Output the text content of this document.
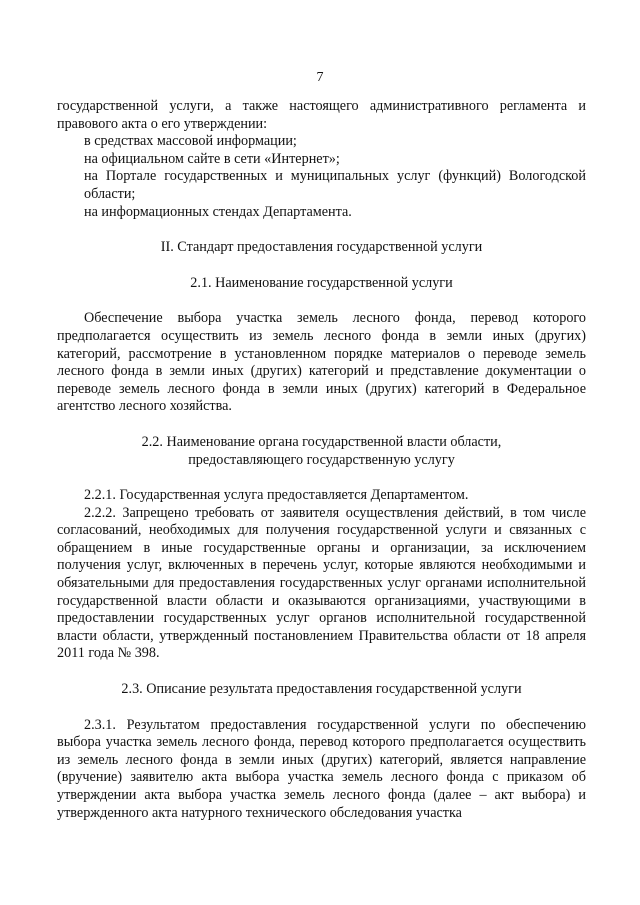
7

государственной услуги, а также настоящего административного регламента и правового акта о его утверждении:

в средствах массовой информации;

на официальном сайте в сети «Интернет»;

на Портале государственных и муниципальных услуг (функций) Вологодской области;

на информационных стендах Департамента.

II. Стандарт предоставления государственной услуги

2.1. Наименование государственной услуги

Обеспечение выбора участка земель лесного фонда, перевод которого предполагается осуществить из земель лесного фонда в земли иных (других) категорий, рассмотрение в установленном порядке материалов о переводе земель лесного фонда в земли иных (других) категорий и представление документации о переводе земель лесного фонда в земли иных (других) категорий в Федеральное агентство лесного хозяйства.

2.2. Наименование органа государственной власти области,

предоставляющего государственную услугу

2.2.1. Государственная услуга предоставляется Департаментом.

2.2.2. Запрещено требовать от заявителя осуществления действий, в том числе согласований, необходимых для получения государственной услуги и связанных с обращением в иные государственные органы и организации, за исключением получения услуг, включенных в перечень услуг, которые являются необходимыми и обязательными для предоставления государственных услуг органами исполнительной государственной власти области и оказываются организациями, участвующими в предоставлении государственных услуг органов исполнительной государственной власти области, утвержденный постановлением Правительства области от 18 апреля 2011 года № 398.

2.3. Описание результата предоставления государственной услуги

2.3.1. Результатом предоставления государственной услуги по обеспечению выбора участка земель лесного фонда, перевод которого предполагается осуществить из земель лесного фонда в земли иных (других) категорий, является направление (вручение) заявителю акта выбора участка земель лесного фонда с приказом об утверждении акта выбора участка земель лесного фонда (далее – акт выбора) и утвержденного акта натурного технического обследования участка
